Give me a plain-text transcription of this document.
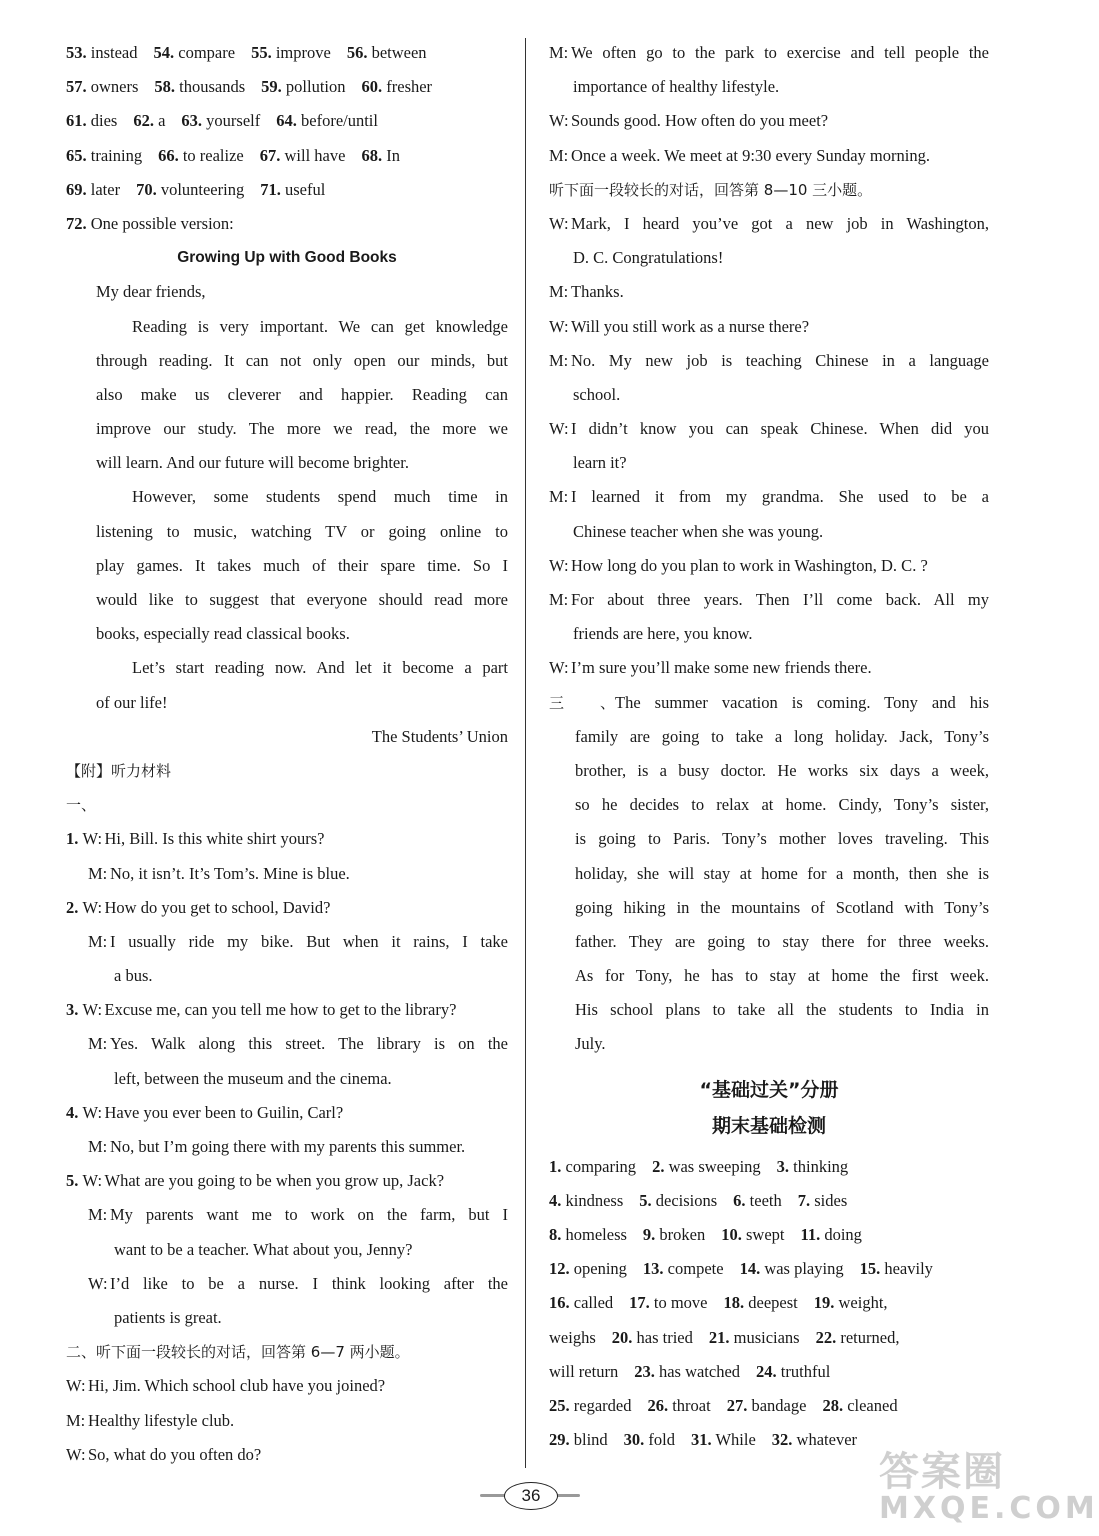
53. instead 54. compare 55. improve 56. between
57. owners 58. thousands 59. pollution 60. fresher
61. dies 62. a 63. yourself 64. before/until
65. training 66. to realize 67. will have 68. In
69. later 70. volunteering 71. useful
72. One possible version:
Growing Up with Good Books
My dear friends,
Reading is very important. We can get knowledge
through reading. It can not only open our minds, but
also make us cleverer and happier. Reading can
improve our study. The more we read, the more we
will learn. And our future will become brighter.
However, some students spend much time in
listening to music, watching TV or going online to
play games. It takes much of their spare time. So I
would like to suggest that everyone should read more
books, especially read classical books.
Let’s start reading now. And let it become a part
of our life!
The Students’ Union
【附】听力材料
一、
1. W: Hi, Bill. Is this white shirt yours?
M: No, it isn’t. It’s Tom’s. Mine is blue.
2. W: How do you get to school, David?
M: I usually ride my bike. But when it rains, I take
a bus.
3. W: Excuse me, can you tell me how to get to the library?
M: Yes. Walk along this street. The library is on the
left, between the museum and the cinema.
4. W: Have you ever been to Guilin, Carl?
M: No, but I’m going there with my parents this summer.
5. W: What are you going to be when you grow up, Jack?
M: My parents want me to work on the farm, but I
want to be a teacher. What about you, Jenny?
W: I’d like to be a nurse. I think looking after the
patients is great.
二、听下面一段较长的对话，回答第 6—7 两小题。
W: Hi, Jim. Which school club have you joined?
M: Healthy lifestyle club.
W: So, what do you often do?
M: We often go to the park to exercise and tell people the
importance of healthy lifestyle.
W: Sounds good. How often do you meet?
M: Once a week. We meet at 9:30 every Sunday morning.
听下面一段较长的对话，回答第 8—10 三小题。
W: Mark, I heard you’ve got a new job in Washington,
D. C. Congratulations!
M: Thanks.
W: Will you still work as a nurse there?
M: No. My new job is teaching Chinese in a language
school.
W: I didn’t know you can speak Chinese. When did you
learn it?
M: I learned it from my grandma. She used to be a
Chinese teacher when she was young.
W: How long do you plan to work in Washington, D. C. ?
M: For about three years. Then I’ll come back. All my
friends are here, you know.
W: I’m sure you’ll make some new friends there.
三、The summer vacation is coming. Tony and his
family are going to take a long holiday. Jack, Tony’s
brother, is a busy doctor. He works six days a week,
so he decides to relax at home. Cindy, Tony’s sister,
is going to Paris. Tony’s mother loves traveling. This
holiday, she will stay at home for a month, then she is
going hiking in the mountains of Scotland with Tony’s
father. They are going to stay there for three weeks.
As for Tony, he has to stay at home the first week.
His school plans to take all the students to India in
July.
“基础过关”分册
期末基础检测
1. comparing 2. was sweeping 3. thinking
4. kindness 5. decisions 6. teeth 7. sides
8. homeless 9. broken 10. swept 11. doing
12. opening 13. compete 14. was playing 15. heavily
16. called 17. to move 18. deepest 19. weight,
weighs 20. has tried 21. musicians 22. returned,
will return 23. has watched 24. truthful
25. regarded 26. throat 27. bandage 28. cleaned
29. blind 30. fold 31. While 32. whatever
36
答案圈
MXQE.COM
